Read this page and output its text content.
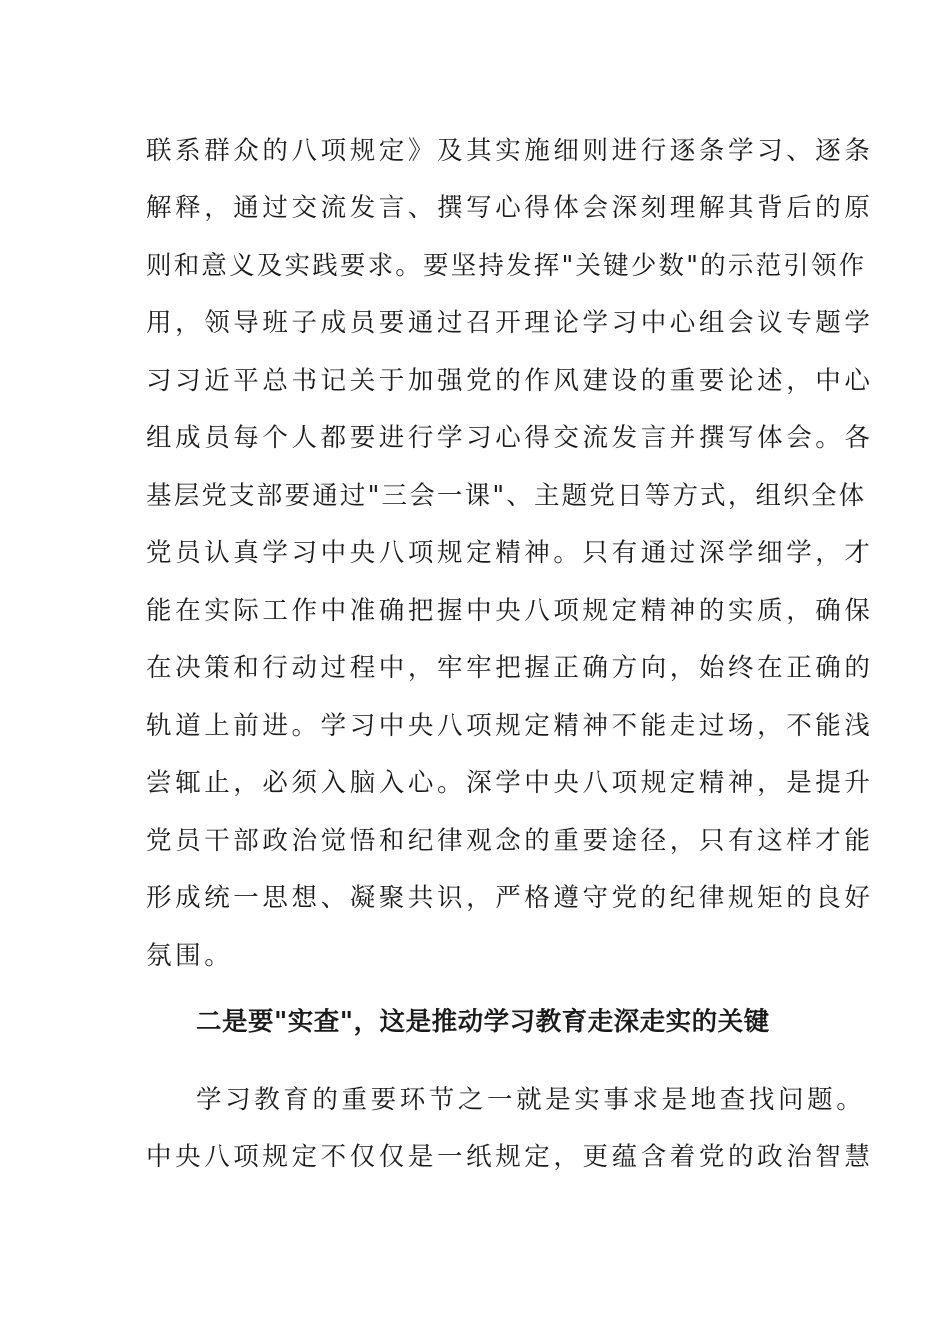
联系群众的八项规定》及其实施细则进行逐条学习、逐条
解释，通过交流发言、撰写心得体会深刻理解其背后的原
则和意义及实践要求。要坚持发挥"关键少数"的示范引领作
用，领导班子成员要通过召开理论学习中心组会议专题学
习习近平总书记关于加强党的作风建设的重要论述，中心
组成员每个人都要进行学习心得交流发言并撰写体会。各
基层党支部要通过"三会一课"、主题党日等方式，组织全体
党员认真学习中央八项规定精神。只有通过深学细学，才
能在实际工作中准确把握中央八项规定精神的实质，确保
在决策和行动过程中，牢牢把握正确方向，始终在正确的
轨道上前进。学习中央八项规定精神不能走过场，不能浅
尝辄止，必须入脑入心。深学中央八项规定精神，是提升
党员干部政治觉悟和纪律观念的重要途径，只有这样才能
形成统一思想、凝聚共识，严格遵守党的纪律规矩的良好
氛围。
二是要"实查"，这是推动学习教育走深走实的关键
学习教育的重要环节之一就是实事求是地查找问题。
中央八项规定不仅仅是一纸规定，更蕴含着党的政治智慧
